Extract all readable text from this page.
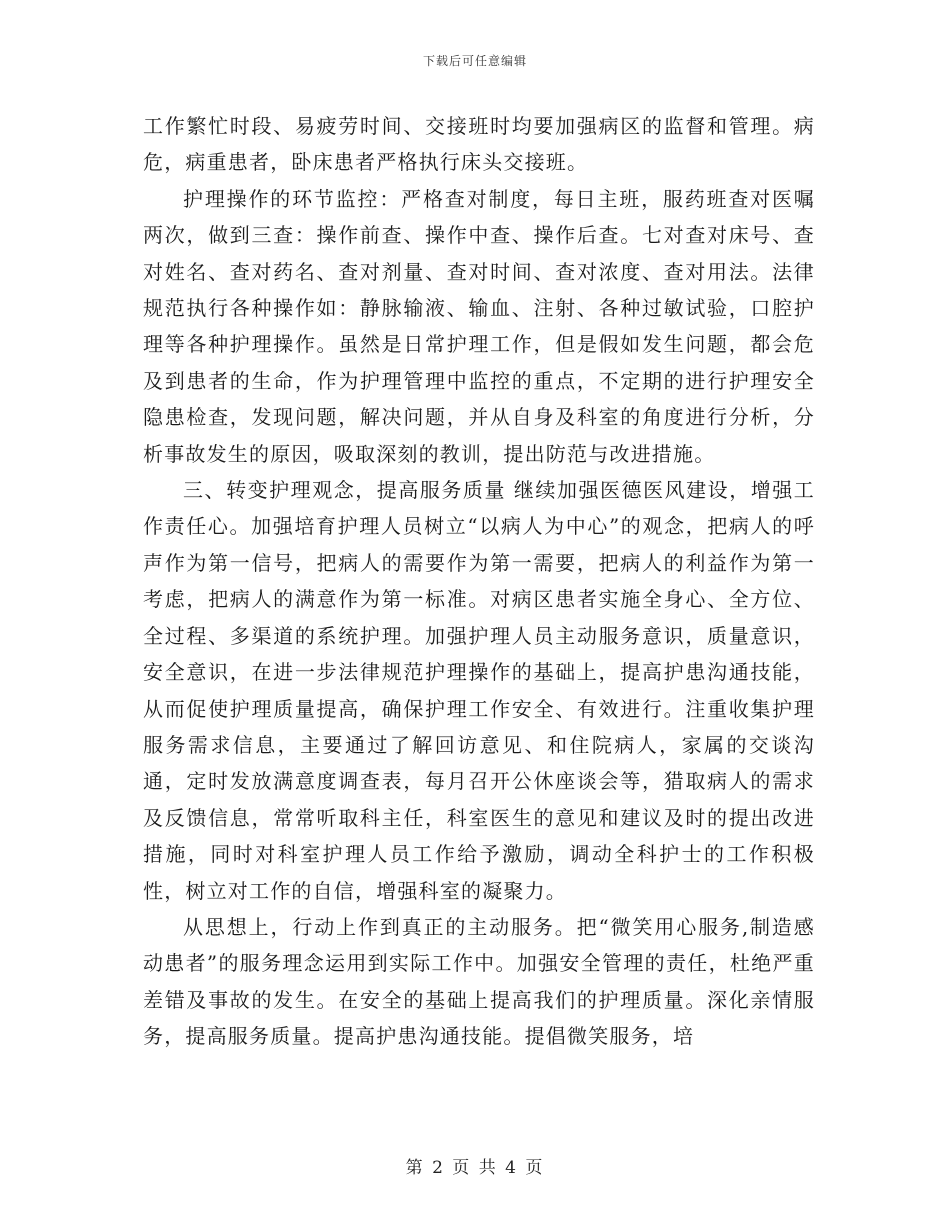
下载后可任意编辑

工作繁忙时段、易疲劳时间、交接班时均要加强病区的监督和管理。病危，病重患者，卧床患者严格执行床头交接班。

护理操作的环节监控：严格查对制度，每日主班，服药班查对医嘱两次，做到三查：操作前查、操作中查、操作后查。七对查对床号、查对姓名、查对药名、查对剂量、查对时间、查对浓度、查对用法。法律规范执行各种操作如：静脉输液、输血、注射、各种过敏试验，口腔护理等各种护理操作。虽然是日常护理工作，但是假如发生问题，都会危及到患者的生命，作为护理管理中监控的重点，不定期的进行护理安全隐患检查，发现问题，解决问题，并从自身及科室的角度进行分析，分析事故发生的原因，吸取深刻的教训，提出防范与改进措施。

三、转变护理观念，提高服务质量 继续加强医德医风建设，增强工作责任心。加强培育护理人员树立“以病人为中心”的观念，把病人的呼声作为第一信号，把病人的需要作为第一需要，把病人的利益作为第一考虑，把病人的满意作为第一标准。对病区患者实施全身心、全方位、全过程、多渠道的系统护理。加强护理人员主动服务意识，质量意识，安全意识，在进一步法律规范护理操作的基础上，提高护患沟通技能，从而促使护理质量提高，确保护理工作安全、有效进行。注重收集护理服务需求信息，主要通过了解回访意见、和住院病人，家属的交谈沟通，定时发放满意度调查表，每月召开公休座谈会等，猎取病人的需求及反馈信息，常常听取科主任，科室医生的意见和建议及时的提出改进措施，同时对科室护理人员工作给予激励，调动全科护士的工作积极性，树立对工作的自信，增强科室的凝聚力。

从思想上，行动上作到真正的主动服务。把“微笑用心服务,制造感动患者”的服务理念运用到实际工作中。加强安全管理的责任，杜绝严重差错及事故的发生。在安全的基础上提高我们的护理质量。深化亲情服务，提高服务质量。提高护患沟通技能。提倡微笑服务，培

第 2 页 共 4 页
